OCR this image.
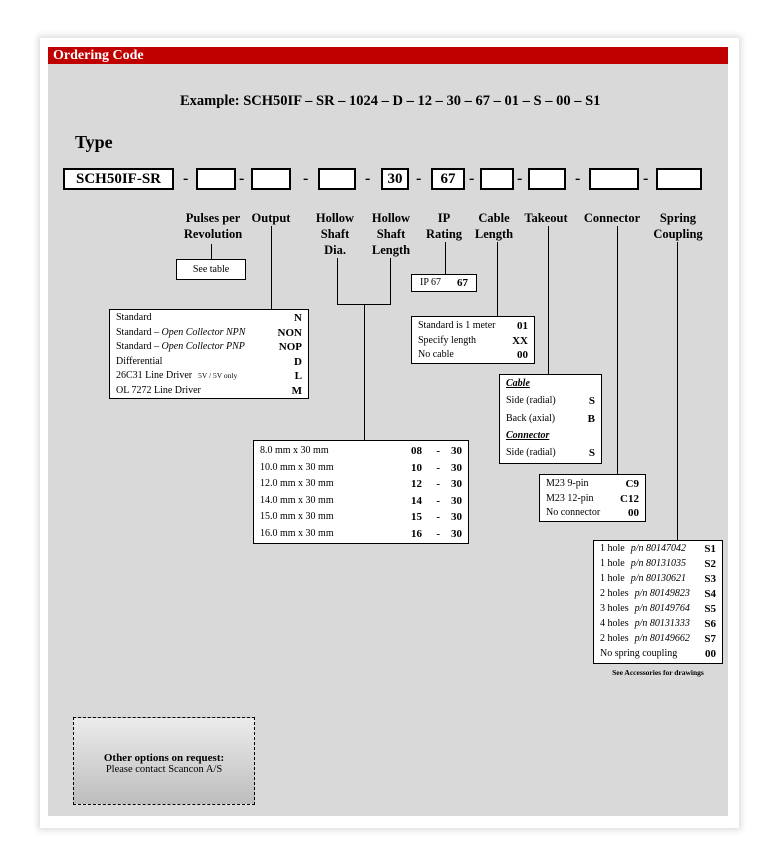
Ordering Code
Example: SCH50IF – SR – 1024 – D – 12 – 30 – 67 – 01 – S – 00 – S1
Type
SCH50IF-SR	-	-	-	-	30 -	67 -	-	-	-
Pulses per
Revolution
Output	Hollow
Shaft
Dia.
Hollow
Shaft
Length
IP
Rating
Cable
Length
Takeout	Connector	Spring
Coupling
See table
IP 67 67
Standard	N
Standard – Open Collector NPN	NON
Standard – Open Collector PNP	NOP
Differential	D
26C31 Line Driver 5V / 5V only	L
OL 7272 Line Driver	M
Standard is 1 meter 01
Specify length	XX
No cable	00
Cable
Side (radial)	S
Back (axial)	B
Connector
Side (radial)	S
M23 9-pin	C9
M23 12-pin C12
No connector	00
8.0 mm x 30 mm	08 - 30
10.0 mm x 30 mm	10 - 30
12.0 mm x 30 mm	12 - 30
14.0 mm x 30 mm	14 - 30
15.0 mm x 30 mm	15 - 30
16.0 mm x 30 mm	16 - 30
1 hole p/n 80147042 S1
1 hole p/n 80131035 S2
1 hole p/n 80130621 S3
2 holes p/n 80149823 S4
3 holes p/n 80149764 S5
4 holes p/n 80131333 S6
2 holes p/n 80149662 S7
No spring coupling	00
See Accessories for drawings
Other options on request:
Please contact Scancon A/S
